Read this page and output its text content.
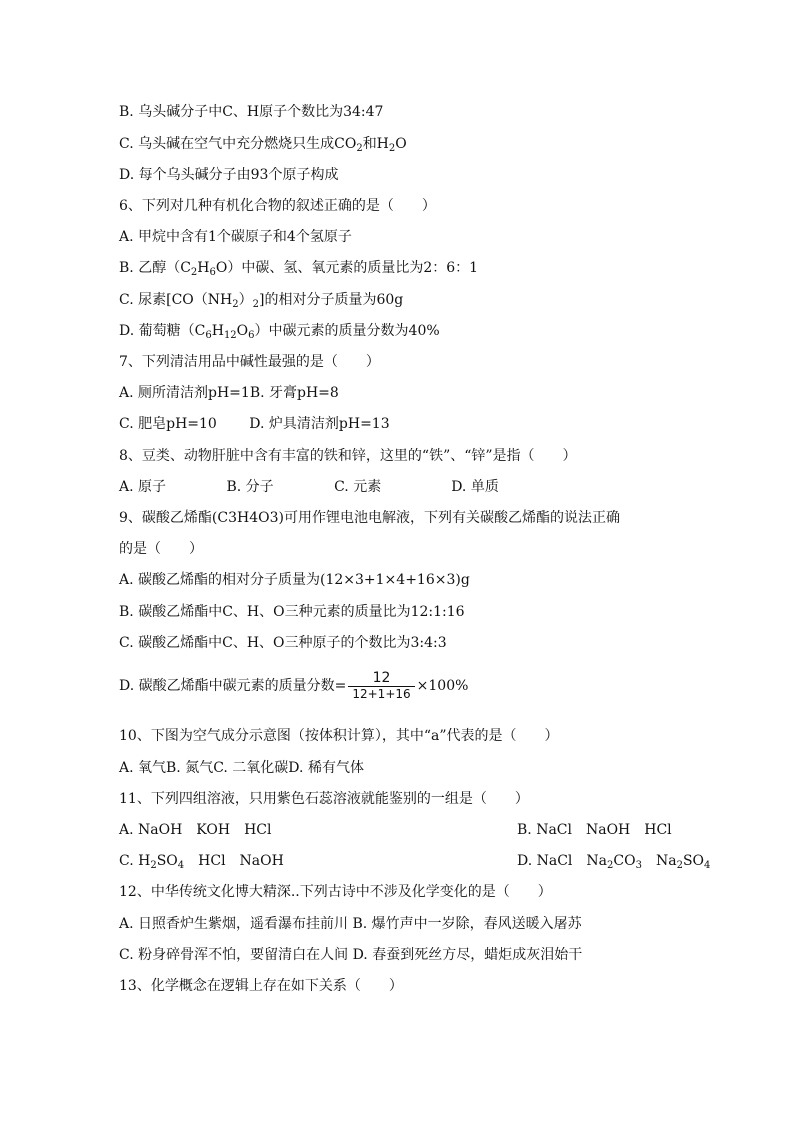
B. 乌头碱分子中C、H原子个数比为34:47
C. 乌头碱在空气中充分燃烧只生成$CO_2$和$H_2O$
D. 每个乌头碱分子由93个原子构成
6、下列对几种有机化合物的叙述正确的是（　　）
A. 甲烷中含有1个碳原子和4个氢原子
B. 乙醇$(C_2H_6O)$中碳、氢、氧元素的质量比为2：6：1
C. 尿素$[CO(NH_2)_2]$的相对分子质量为60g
D. 葡萄糖$(C_6H_{12}O_6)$中碳元素的质量分数为40%
7、下列清洁用品中碱性最强的是（　　）
A. 厕所清洁剂pH=1B. 牙膏pH=8
C. 肥皂pH=10　　 D. 炉具清洁剂pH=13
8、豆类、动物肝脏中含有丰富的铁和锌，这里的“铁”、“锌”是指（　　）
A. 原子　　　　 B. 分子　　　　 C. 元素　　　　　D. 单质
9、碳酸乙烯酯(C3H4O3)可用作锂电池电解液，下列有关碳酸乙烯酯的说法正确
的是（　　）
A. 碳酸乙烯酯的相对分子质量为(12×3+1×4+16×3)g
B. 碳酸乙烯酯中C、H、O三种元素的质量比为12:1:16
C. 碳酸乙烯酯中C、H、O三种原子的个数比为3:4:3
D. 碳酸乙烯酯中碳元素的质量分数= $\frac{12}{12+1+16} \times 100\%$
10、下图为空气成分示意图（按体积计算），其中“a”代表的是（　　）
A. 氧气B. 氮气C. 二氧化碳D. 稀有气体
11、下列四组溶液，只用紫色石蕊溶液就能鉴别的一组是（　　）
A. NaOH　KOH　HCl	B. NaCl　NaOH　HCl
C. $H_2SO_4$　HCl　NaOH	D. NaCl　$Na_2CO_3$　$Na_2SO_4$
12、中华传统文化博大精深..下列古诗中不涉及化学变化的是（　　）
A. 日照香炉生紫烟，遥看瀑布挂前川 B. 爆竹声中一岁除，春风送暖入屠苏
C. 粉身碎骨浑不怕，要留清白在人间 D. 春蚕到死丝方尽，蜡炬成灰泪始干
13、化学概念在逻辑上存在如下关系（　　）
